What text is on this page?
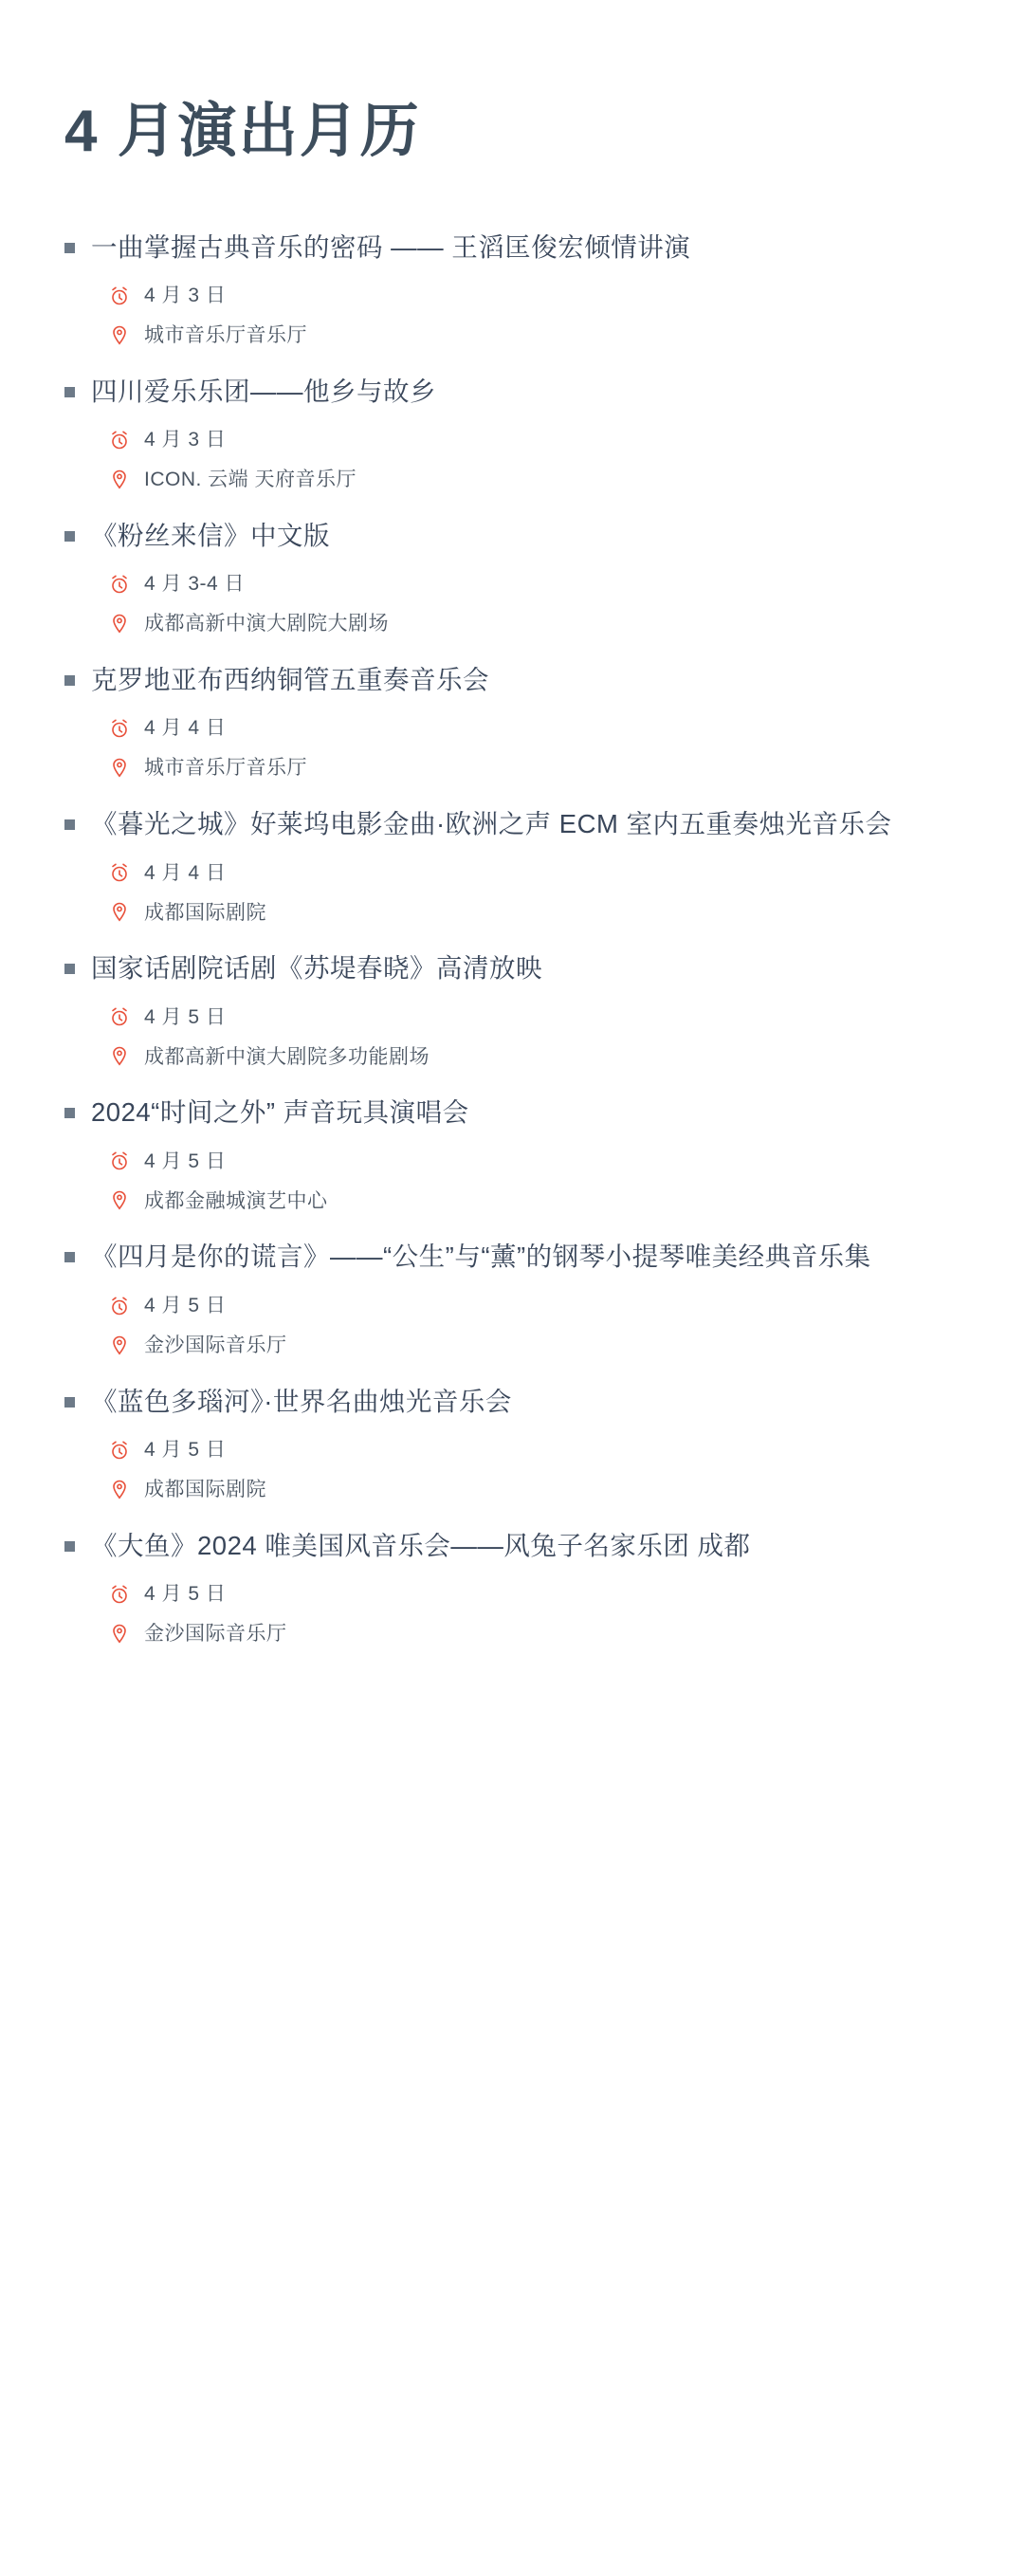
4 月演出月历
一曲掌握古典音乐的密码 —— 王滔匡俊宏倾情讲演
4 月 3 日
城市音乐厅音乐厅
四川爱乐乐团——他乡与故乡
4 月 3 日
ICON. 云端 天府音乐厅
《粉丝来信》中文版
4 月 3-4 日
成都高新中演大剧院大剧场
克罗地亚布西纳铜管五重奏音乐会
4 月 4 日
城市音乐厅音乐厅
《暮光之城》好莱坞电影金曲·欧洲之声 ECM 室内五重奏烛光音乐会
4 月 4 日
成都国际剧院
国家话剧院话剧《苏堤春晓》高清放映
4 月 5 日
成都高新中演大剧院多功能剧场
2024“时间之外” 声音玩具演唱会
4 月 5 日
成都金融城演艺中心
《四月是你的谎言》——“公生”与“薰”的钢琴小提琴唯美经典音乐集
4 月 5 日
金沙国际音乐厅
《蓝色多瑙河》·世界名曲烛光音乐会
4 月 5 日
成都国际剧院
《大鱼》2024 唯美国风音乐会——风兔子名家乐团 成都
4 月 5 日
金沙国际音乐厅
